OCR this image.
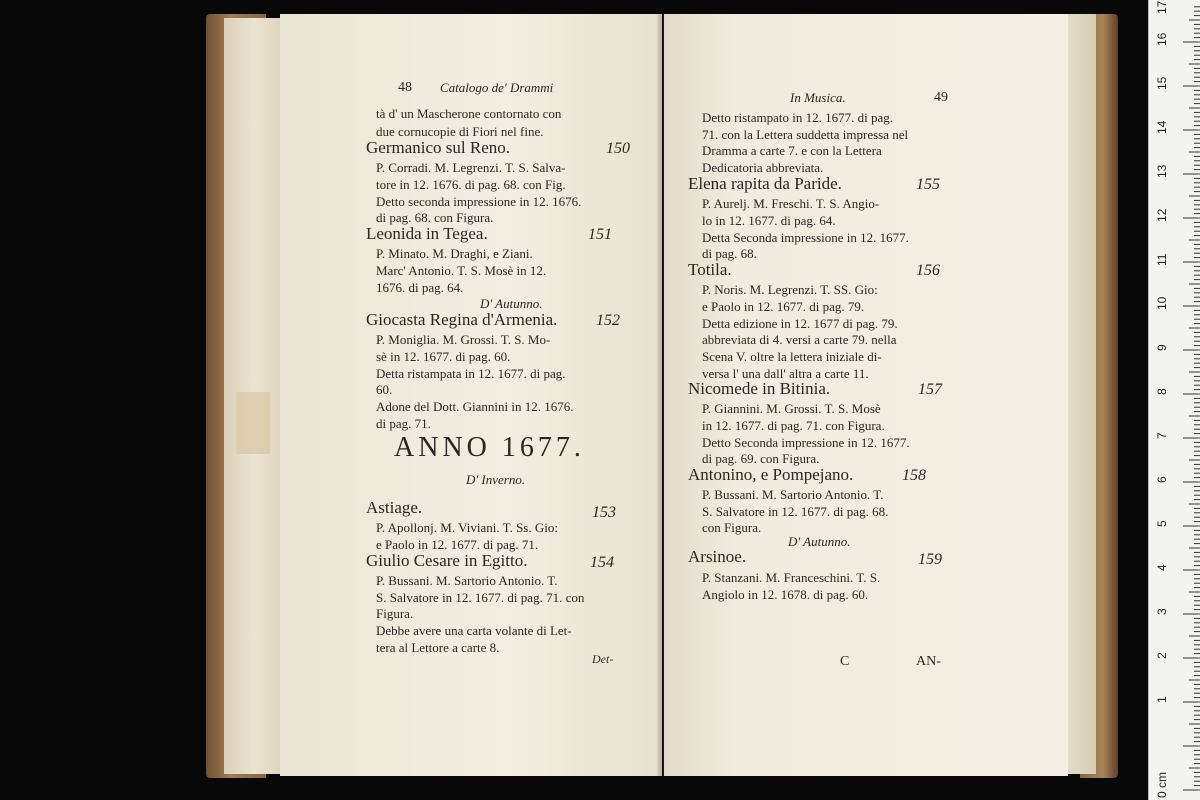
48 Catalogo de' Drammi
tà d' un Mascherone contornato con
due cornucopie di Fiori nel fine.
Germanico sul Reno.	150
P. Corradi. M. Legrenzi. T. S. Salva-
tore in 12. 1676. di pag. 68. con Fig.
Detto seconda impressione in 12. 1676.
di pag. 68. con Figura.
Leonida in Tegea.	151
P. Minato. M. Draghi, e Ziani.
Marc' Antonio. T. S. Mosè in 12.
1676. di pag. 64.
D' Autunno.
Giocasta Regina d'Armenia. 152
P. Moniglia. M. Grossi. T. S. Mo-
sè in 12. 1677. di pag. 60.
Detta ristampata in 12. 1677. di pag.
60.
Adone del Dott. Giannini in 12. 1676.
di pag. 71.
ANNO 1677.
D' Inverno.
Astiage.	153
P. Apollonj. M. Viviani. T. Ss. Gio:
e Paolo in 12. 1677. di pag. 71.
Giulio Cesare in Egitto.	154
P. Bussani. M. Sartorio Antonio. T.
S. Salvatore in 12. 1677. di pag. 71. con
Figura.
Debbe avere una carta volante di Let-
tera al Lettore a carte 8.
Det-
In Musica.	49
Detto ristampato in 12. 1677. di pag.
71. con la Lettera suddetta impressa nel
Dramma a carte 7. e con la Lettera
Dedicatoria abbreviata.
Elena rapita da Paride.	155
P. Aurelj. M. Freschi. T. S. Angio-
lo in 12. 1677. di pag. 64.
Detta Seconda impressione in 12. 1677.
di pag. 68.
Totila.	156
P. Noris. M. Legrenzi. T. SS. Gio:
e Paolo in 12. 1677. di pag. 79.
Detta edizione in 12. 1677 di pag. 79.
abbreviata di 4. versi a carte 79. nella
Scena V. oltre la lettera iniziale di-
versa l' una dall' altra a carte 11.
Nicomede in Bitinia.	157
P. Giannini. M. Grossi. T. S. Mosè
in 12. 1677. di pag. 71. con Figura.
Detto Seconda impressione in 12. 1677.
di pag. 69. con Figura.
Antonino, e Pompejano.	158
P. Bussani. M. Sartorio Antonio. T.
S. Salvatore in 12. 1677. di pag. 68.
con Figura.
D' Autunno.
Arsinoe.	159
P. Stanzani. M. Franceschini. T. S.
Angiolo in 12. 1678. di pag. 60.
C	AN-
0 cm
1
2
3
4
5
6
7
8
9
10
11
12
13
14
15
16
17
